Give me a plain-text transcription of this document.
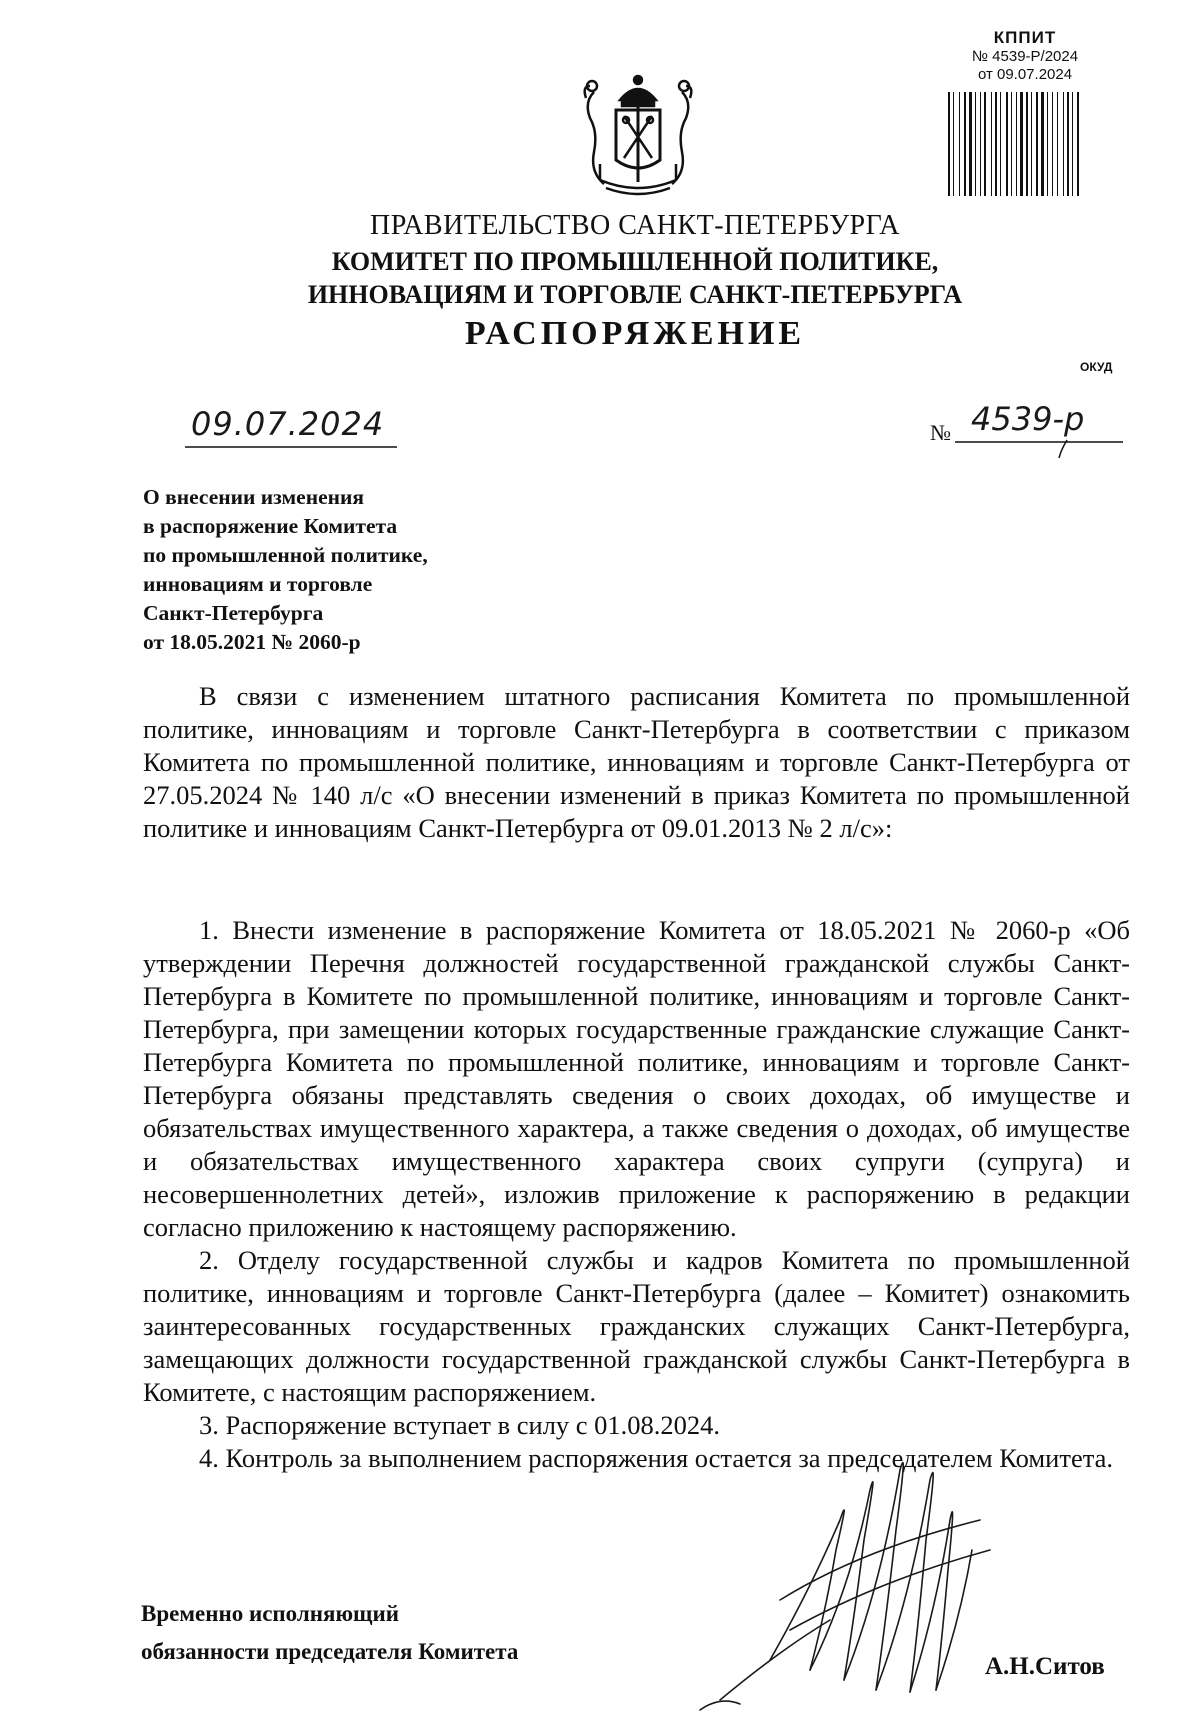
КППИТ
№ 4539-Р/2024
от 09.07.2024
ПРАВИТЕЛЬСТВО САНКТ-ПЕТЕРБУРГА
КОМИТЕТ ПО ПРОМЫШЛЕННОЙ ПОЛИТИКЕ,
ИННОВАЦИЯМ И ТОРГОВЛЕ САНКТ-ПЕТЕРБУРГА
РАСПОРЯЖЕНИЕ
ОКУД
09.07.2024	№ 4539-р
О внесении изменения
в распоряжение Комитета
по промышленной политике,
инновациям и торговле
Санкт-Петербурга
от 18.05.2021 № 2060-р

В связи с изменением штатного расписания Комитета по промышленной политике, инновациям и торговле Санкт-Петербурга в соответствии с приказом Комитета по промышленной политике, инновациям и торговле Санкт-Петербурга от 27.05.2024 № 140 л/с «О внесении изменений в приказ Комитета по промышленной политике и инновациям Санкт-Петербурга от 09.01.2013 № 2 л/с»:

1. Внести изменение в распоряжение Комитета от 18.05.2021 № 2060-р «Об утверждении Перечня должностей государственной гражданской службы Санкт-Петербурга в Комитете по промышленной политике, инновациям и торговле Санкт-Петербурга, при замещении которых государственные гражданские служащие Санкт-Петербурга Комитета по промышленной политике, инновациям и торговле Санкт-Петербурга обязаны представлять сведения о своих доходах, об имуществе и обязательствах имущественного характера, а также сведения о доходах, об имуществе и обязательствах имущественного характера своих супруги (супруга) и несовершеннолетних детей», изложив приложение к распоряжению в редакции согласно приложению к настоящему распоряжению.

2. Отделу государственной службы и кадров Комитета по промышленной политике, инновациям и торговле Санкт-Петербурга (далее – Комитет) ознакомить заинтересованных государственных гражданских служащих Санкт-Петербурга, замещающих должности государственной гражданской службы Санкт-Петербурга в Комитете, с настоящим распоряжением.

3. Распоряжение вступает в силу с 01.08.2024.

4. Контроль за выполнением распоряжения остается за председателем Комитета.

Временно исполняющий
обязанности председателя Комитета
А.Н.Ситов
